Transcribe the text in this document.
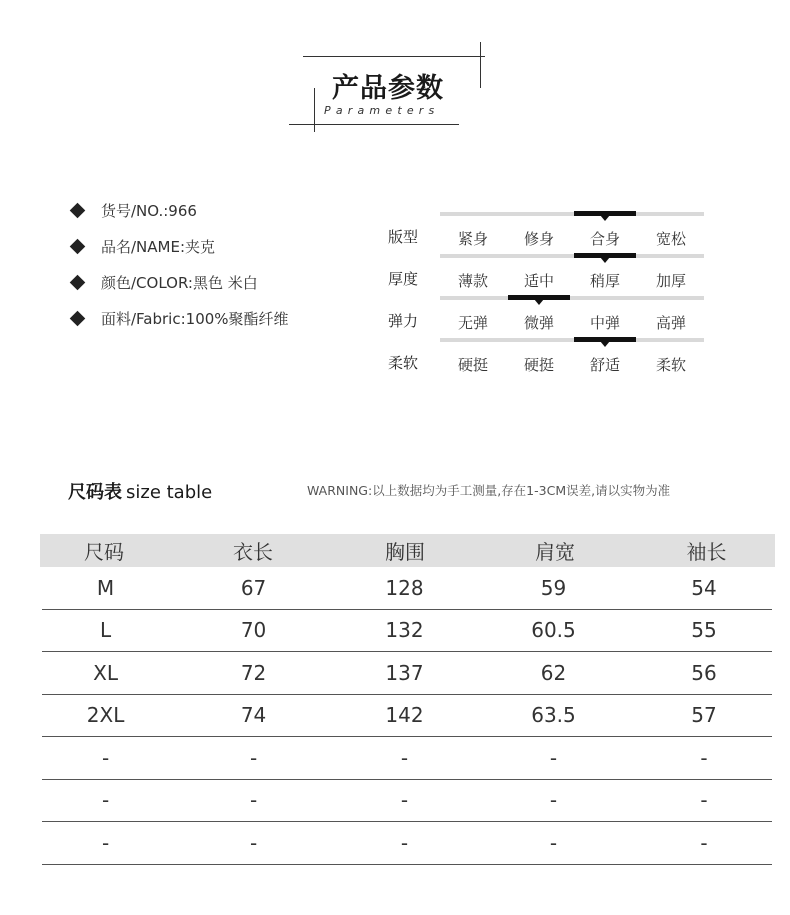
产品参数
Parameters
货号/NO.:966
品名/NAME:夹克
颜色/COLOR:黑色 米白
面料/Fabric:100%聚酯纤维
版型	紧身	修身	合身	宽松
厚度	薄款	适中	稍厚	加厚
弹力	无弹	微弹	中弹	高弹
柔软	硬挺	硬挺	舒适	柔软
尺码表 size table	WARNING:以上数据均为手工测量,存在1-3CM误差,请以实物为准
尺码	衣长	胸围	肩宽	袖长
M	67	128	59	54
L	70	132	60.5	55
XL	72	137	62	56
2XL	74	142	63.5	57
-	-	-	-	-
-	-	-	-	-
-	-	-	-	-
